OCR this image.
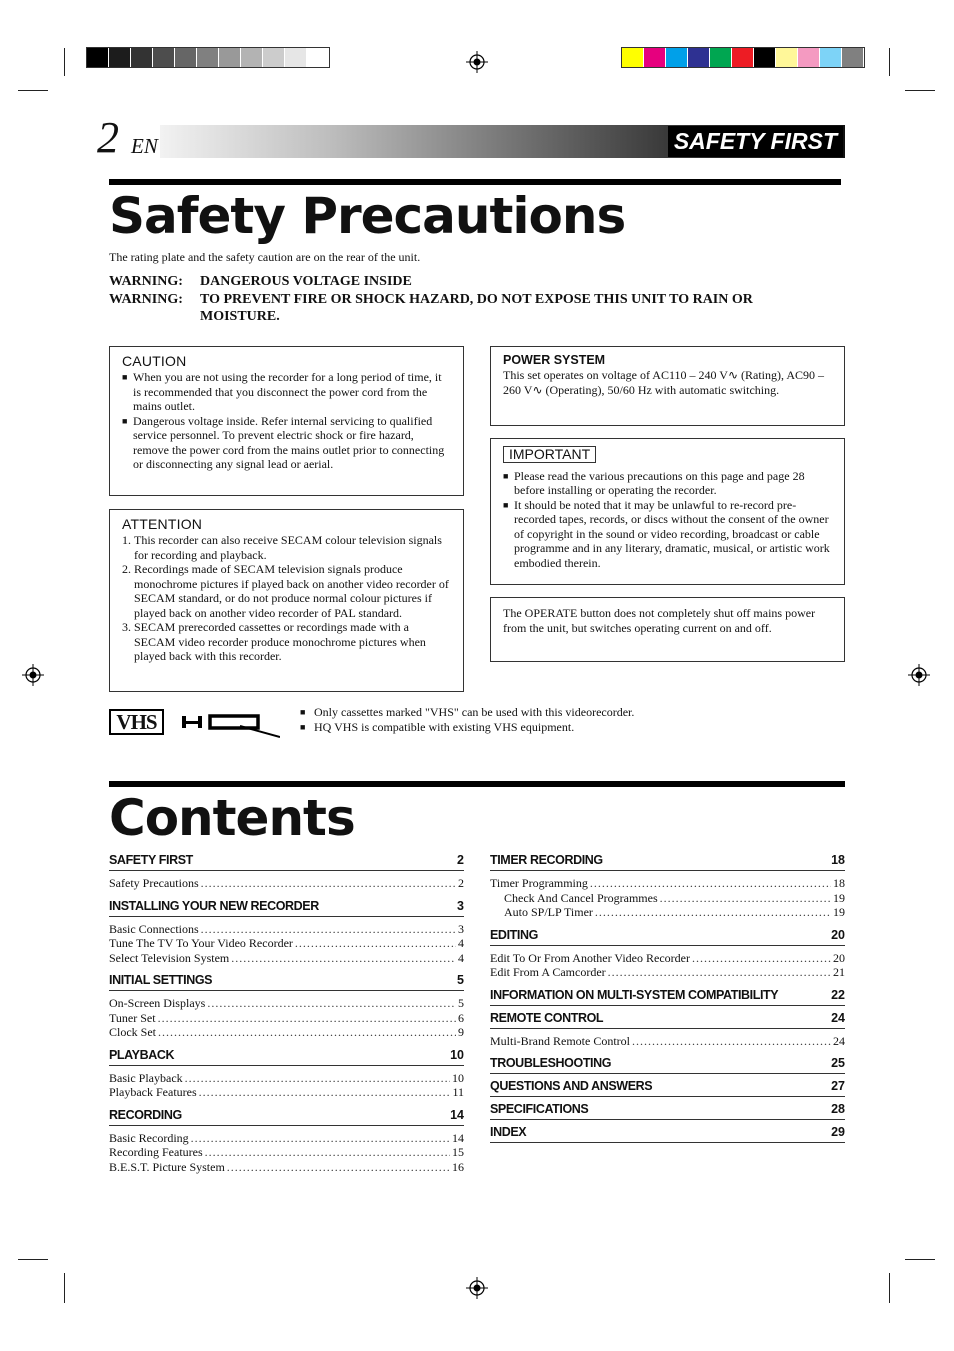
2	SAFETY FIRST
EN
Safety Precautions
The rating plate and the safety caution are on the rear of the unit.
WARNING:	DANGEROUS VOLTAGE INSIDE
WARNING:	TO PREVENT FIRE OR SHOCK HAZARD, DO NOT EXPOSE THIS UNIT TO RAIN OR
MOISTURE.
CAUTION
■ When you are not using the recorder for a long period of time, it is recommended that you disconnect the power cord from the mains outlet.
■ Dangerous voltage inside. Refer internal servicing to qualified service personnel. To prevent electric shock or fire hazard, remove the power cord from the mains outlet prior to connecting or disconnecting any signal lead or aerial.
ATTENTION
1. This recorder can also receive SECAM colour television signals for recording and playback.
2. Recordings made of SECAM television signals produce monochrome pictures if played back on another video recorder of SECAM standard, or do not produce normal colour pictures if played back on another video recorder of PAL standard.
3. SECAM prerecorded cassettes or recordings made with a SECAM video recorder produce monochrome pictures when played back with this recorder.
POWER SYSTEM
This set operates on voltage of AC110 – 240 V∿ (Rating), AC90 – 260 V∿ (Operating), 50/60 Hz with automatic switching.
IMPORTANT
■ Please read the various precautions on this page and page 28 before installing or operating the recorder.
■ It should be noted that it may be unlawful to re-record pre-recorded tapes, records, or discs without the consent of the owner of copyright in the sound or video recording, broadcast or cable programme and in any literary, dramatic, musical, or artistic work embodied therein.
The OPERATE button does not completely shut off mains power from the unit, but switches operating current on and off.
VHS	■ Only cassettes marked "VHS" can be used with this videorecorder.
■ HQ VHS is compatible with existing VHS equipment.
Contents
SAFETY FIRST	2
Safety Precautions .....	2
INSTALLING YOUR NEW RECORDER	3
Basic Connections .....	3
Tune The TV To Your Video Recorder .....	4
Select Television System .....	4
INITIAL SETTINGS	5
On-Screen Displays .....	5
Tuner Set .....	6
Clock Set .....	9
PLAYBACK	10
Basic Playback .....	10
Playback Features .....	11
RECORDING	14
Basic Recording .....	14
Recording Features .....	15
B.E.S.T. Picture System .....	16
TIMER RECORDING	18
Timer Programming .....	18
Check And Cancel Programmes .....	19
Auto SP/LP Timer .....	19
EDITING	20
Edit To Or From Another Video Recorder .....	20
Edit From A Camcorder .....	21
INFORMATION ON MULTI-SYSTEM COMPATIBILITY	22
REMOTE CONTROL	24
Multi-Brand Remote Control .....	24
TROUBLESHOOTING	25
QUESTIONS AND ANSWERS	27
SPECIFICATIONS	28
INDEX	29
